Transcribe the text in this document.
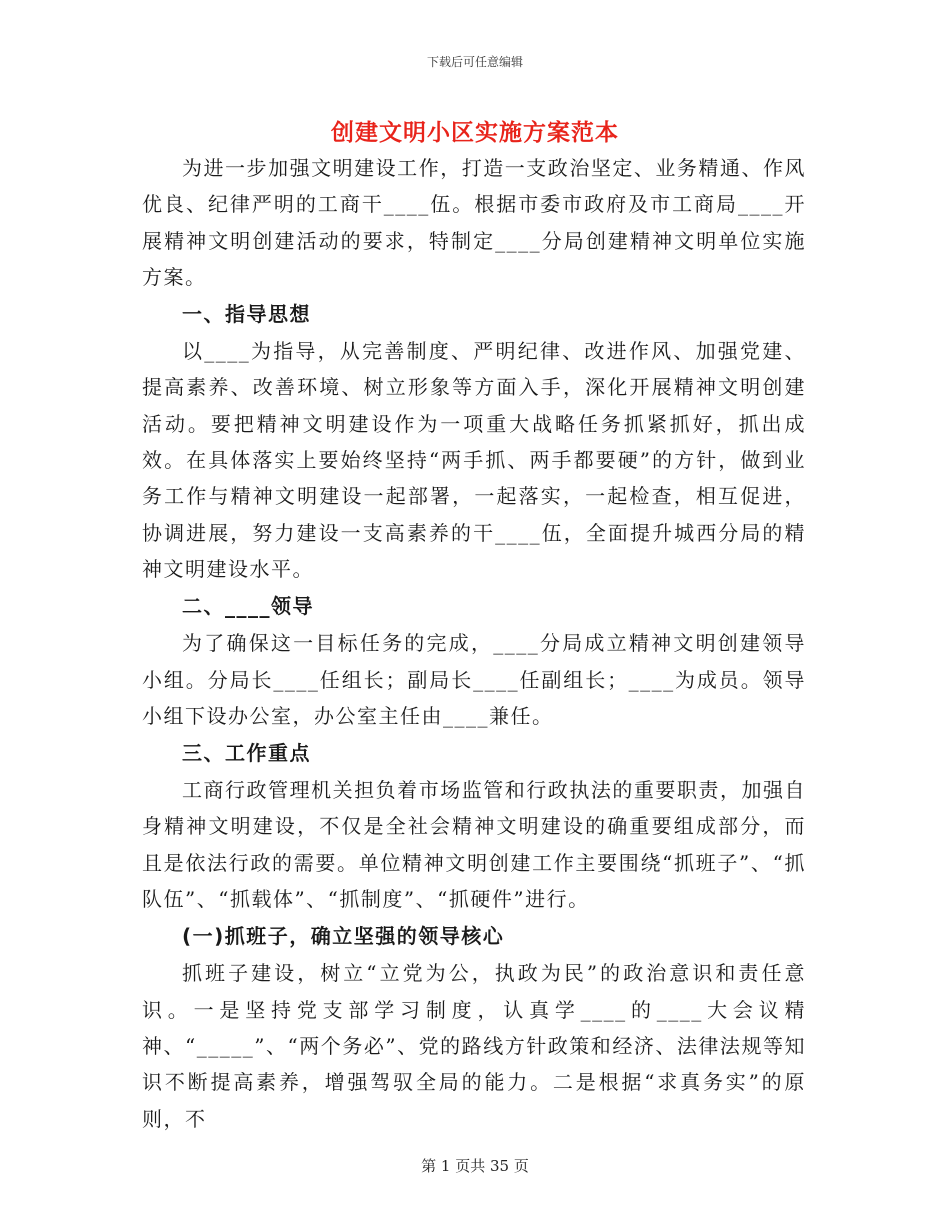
下载后可任意编辑
创建文明小区实施方案范本

为进一步加强文明建设工作，打造一支政治坚定、业务精通、作风优良、纪律严明的工商干____伍。根据市委市政府及市工商局____开展精神文明创建活动的要求，特制定____分局创建精神文明单位实施方案。

一、指导思想

以____为指导，从完善制度、严明纪律、改进作风、加强党建、提高素养、改善环境、树立形象等方面入手，深化开展精神文明创建活动。要把精神文明建设作为一项重大战略任务抓紧抓好，抓出成效。在具体落实上要始终坚持“两手抓、两手都要硬”的方针，做到业务工作与精神文明建设一起部署，一起落实，一起检查，相互促进，协调进展，努力建设一支高素养的干____伍，全面提升城西分局的精神文明建设水平。

二、____领导

为了确保这一目标任务的完成，____分局成立精神文明创建领导小组。分局长____任组长；副局长____任副组长；____为成员。领导小组下设办公室，办公室主任由____兼任。

三、工作重点

工商行政管理机关担负着市场监管和行政执法的重要职责，加强自身精神文明建设，不仅是全社会精神文明建设的确重要组成部分，而且是依法行政的需要。单位精神文明创建工作主要围绕“抓班子”、“抓队伍”、“抓载体”、“抓制度”、“抓硬件”进行。

(一)抓班子，确立坚强的领导核心

抓班子建设，树立“立党为公，执政为民”的政治意识和责任意识。一是坚持党支部学习制度，认真学____的____大会议精神、“_____”、“两个务必”、党的路线方针政策和经济、法律法规等知识不断提高素养，增强驾驭全局的能力。二是根据“求真务实”的原则，不

第 1 页共 35 页
